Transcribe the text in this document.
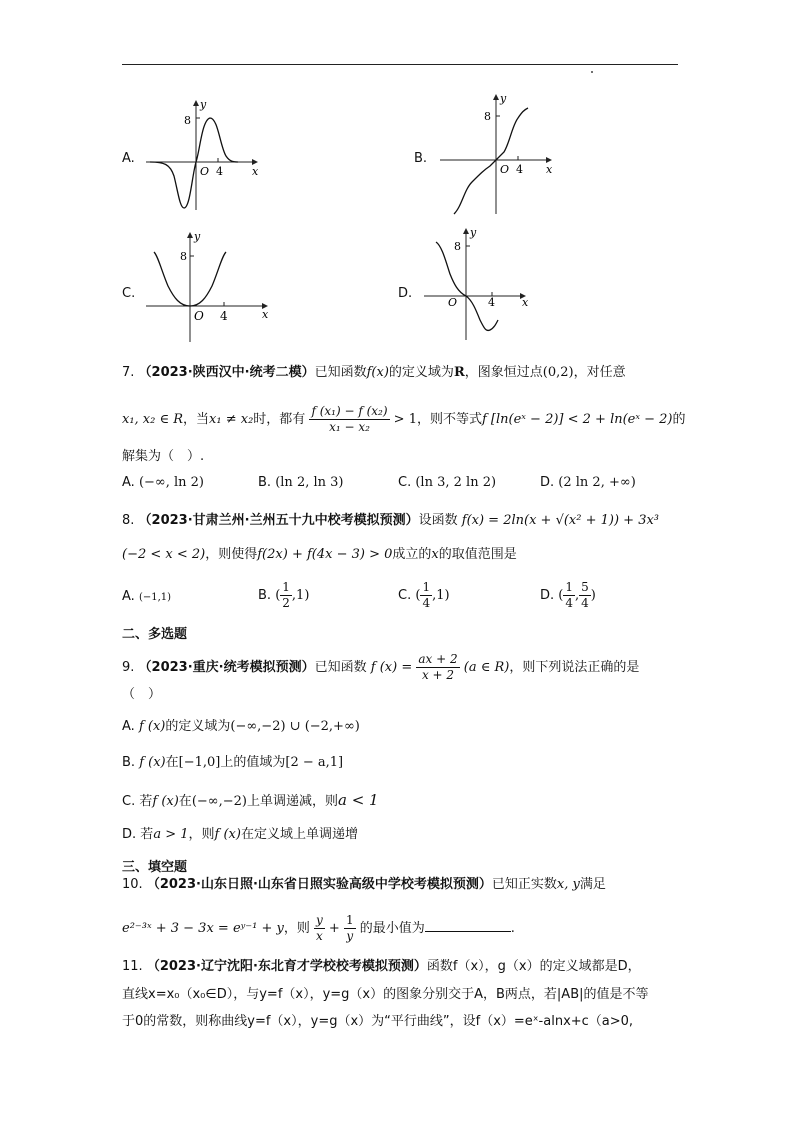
A.
8
O 4	x
y
B.
8
O 4 x
y
C.
8
O 4	x
y
D.
8
O	4 x
y
7. （2023·陕西汉中·统考二模）已知函数f(x)的定义域为R，图象恒过点(0,2)，对任意
x₁, x₂ ∈ R，当x₁ ≠ x₂时，都有 $\frac{\text{f (x₁) − f (x₂)}}{\text{x₁ − x₂}} > 1$，则不等式f [ln(eˣ − 2)] < 2 + ln(eˣ − 2)的
解集为（　）.
A. (−∞, ln 2)	B. (ln 2, ln 3)	C. (ln 3, 2 ln 2)	D. (2 ln 2, +∞)
8. （2023·甘肃兰州·兰州五十九中校考模拟预测）设函数 f(x) = 2ln(x + √(x² + 1)) + 3x³
(−2 < x < 2)，则使得f(2x) + f(4x − 3) > 0成立的x的取值范围是
A. (−1,1)	B. ( $\frac{1}{2} ,1$)	C. ( $\frac{1}{4} ,1$)	D. ( $\frac{1}{4}$ , $\frac{5}{4}$ )
二、多选题
9. （2023·重庆·统考模拟预测）已知函数 f $(x) = \frac{ax + 2}{x + 2} (a$ ∈ R)，则下列说法正确的是
（　）
A. f (x)的定义域为(−∞,−2) ∪ (−2,+∞)
B. f (x)在[−1,0]上的值域为[2 − a,1]
C. 若f (x)在(−∞,−2)上单调递减，则a < 1
D. 若a > 1，则f (x)在定义域上单调递增
三、填空题
10. （2023·山东日照·山东省日照实验高级中学校考模拟预测）已知正实数x, y满足
e²⁻³ˣ + 3 − 3x = eʸ⁻¹ + y，则 $\frac{y}{x} + \frac{1}{y}$ 的最小值为	.
11. （2023·辽宁沈阳·东北育才学校校考模拟预测）函数f（x），g（x）的定义域都是D，
直线x=x₀（x₀∈D），与y=f（x），y=g（x）的图象分别交于A，B两点，若|AB|的值是不等
于0的常数，则称曲线y=f（x），y=g（x）为“平行曲线”，设f（x）=eˣ-alnx+c（a>0,
